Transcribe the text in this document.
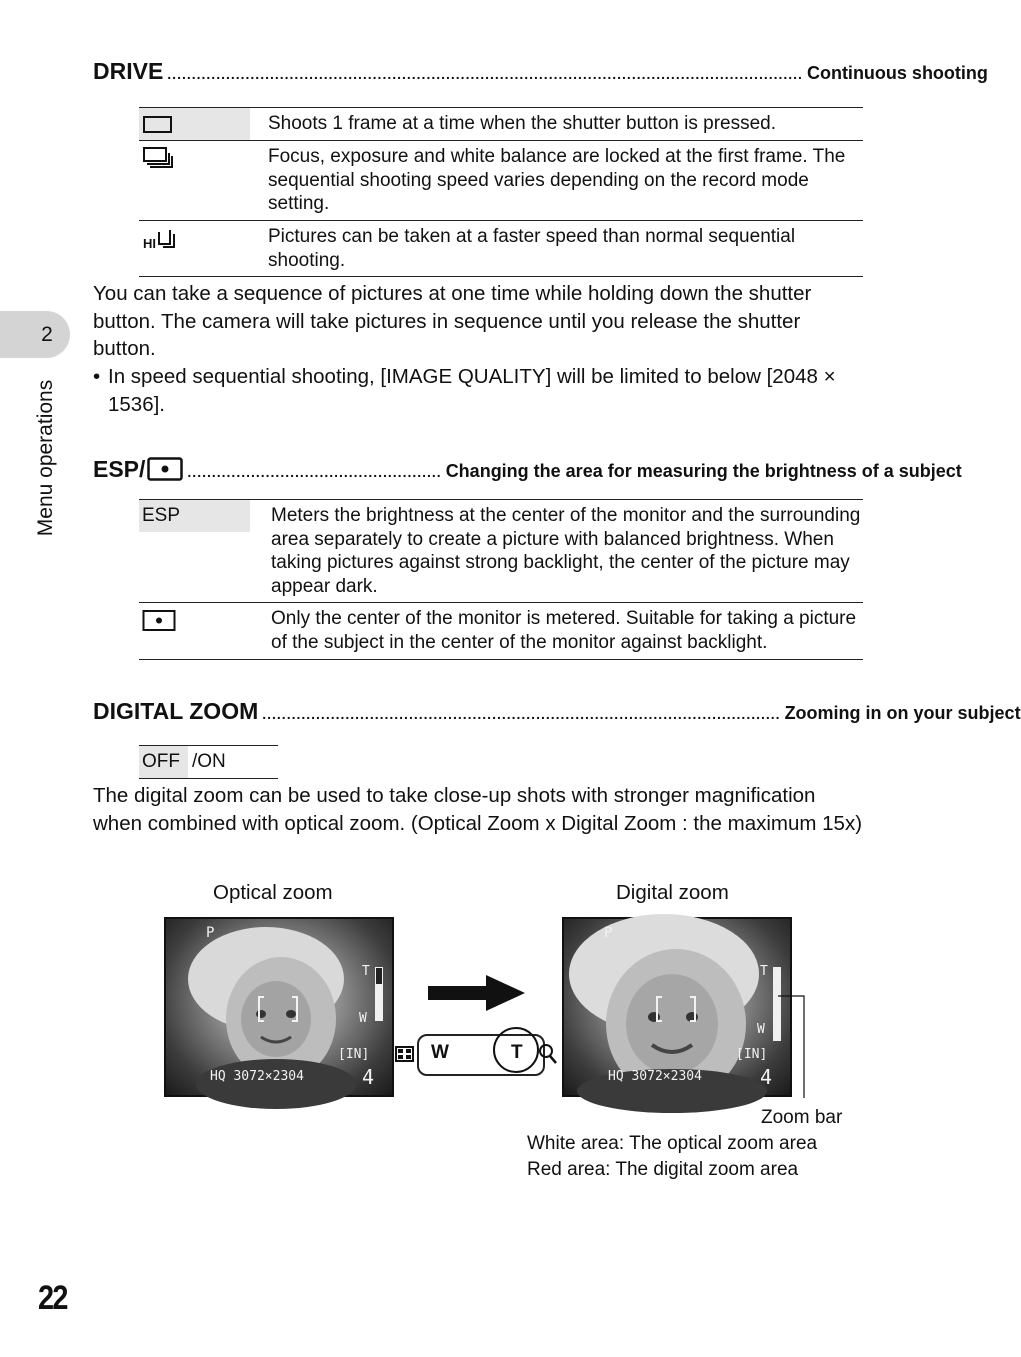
2
Menu operations
DRIVE .................................................................................................................................. Continuous shooting
Shoots 1 frame at a time when the shutter button is pressed.
Focus, exposure and white balance are locked at the first frame. The sequential shooting speed varies depending on the record mode setting.
HI	Pictures can be taken at a faster speed than normal sequential shooting.
You can take a sequence of pictures at one time while holding down the shutter button. The camera will take pictures in sequence until you release the shutter button.
• In speed sequential shooting, [IMAGE QUALITY] will be limited to below [2048 × 1536].
ESP/	.................................................... Changing the area for measuring the brightness of a subject
ESP	Meters the brightness at the center of the monitor and the surrounding area separately to create a picture with balanced brightness. When taking pictures against strong backlight, the center of the picture may appear dark.
Only the center of the monitor is metered. Suitable for taking a picture of the subject in the center of the monitor against backlight.
DIGITAL ZOOM .......................................................................................................... Zooming in on your subject
OFF /ON
The digital zoom can be used to take close-up shots with stronger magnification when combined with optical zoom. (Optical Zoom x Digital Zoom : the maximum 15x)
Optical zoom	Digital zoom
P
T
W
[IN]
HQ 3072×2304	4
W	T
P
T
W
[IN]
HQ 3072×2304	4
Zoom bar
White area: The optical zoom area
Red area: The digital zoom area
22
